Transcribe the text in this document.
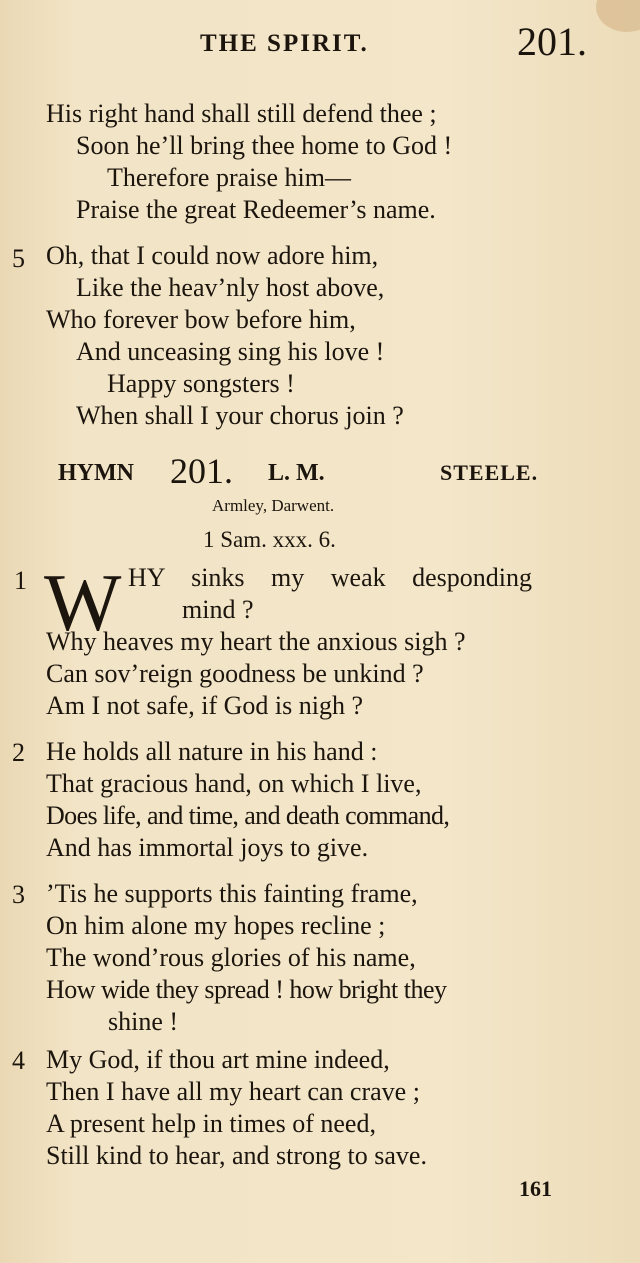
THE SPIRIT.	201.
His right hand shall still defend thee ;
Soon he’ll bring thee home to God !
Therefore praise him—
Praise the great Redeemer’s name.
5 Oh, that I could now adore him,
Like the heav’nly host above,
Who forever bow before him,
And unceasing sing his love !
Happy songsters !
When shall I your chorus join ?
HYMN 201. L. M.	STEELE.
Armley, Darwent.
1 Sam. xxx. 6.
1 W HY sinks my weak desponding
mind ?
Why heaves my heart the anxious sigh ?
Can sov’reign goodness be unkind ?
Am I not safe, if God is nigh ?
2 He holds all nature in his hand :
That gracious hand, on which I live,
Does life, and time, and death command,
And has immortal joys to give.
3 ’Tis he supports this fainting frame,
On him alone my hopes recline ;
The wond’rous glories of his name,
How wide they spread ! how bright they
shine !
4 My God, if thou art mine indeed,
Then I have all my heart can crave ;
A present help in times of need,
Still kind to hear, and strong to save.
161
